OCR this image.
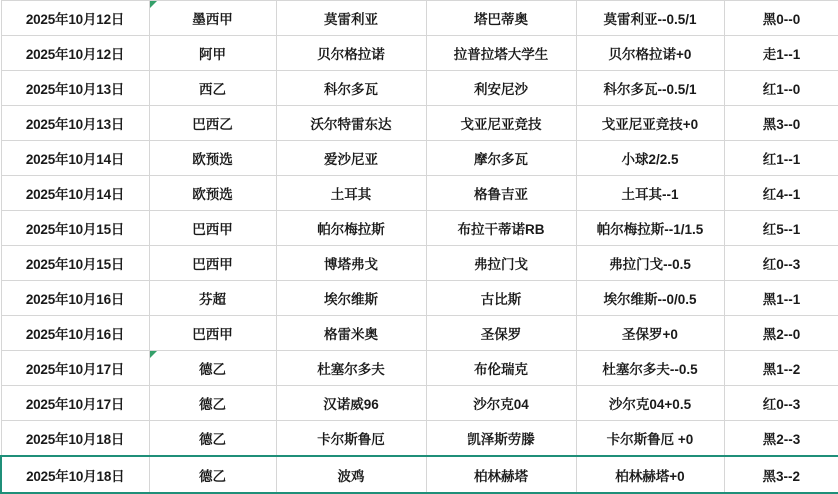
2025年10月12日	墨西甲	莫雷利亚	塔巴蒂奥	莫雷利亚--0.5/1	黑0--0
2025年10月12日	阿甲	贝尔格拉诺	拉普拉塔大学生	贝尔格拉诺+0	走1--1
2025年10月13日	西乙	科尔多瓦	利安尼沙	科尔多瓦--0.5/1	红1--0
2025年10月13日	巴西乙	沃尔特雷东达	戈亚尼亚竞技	戈亚尼亚竞技+0	黑3--0
2025年10月14日	欧预选	爱沙尼亚	摩尔多瓦	小球2/2.5	红1--1
2025年10月14日	欧预选	土耳其	格鲁吉亚	土耳其--1	红4--1
2025年10月15日	巴西甲	帕尔梅拉斯	布拉干蒂诺RB	帕尔梅拉斯--1/1.5	红5--1
2025年10月15日	巴西甲	博塔弗戈	弗拉门戈	弗拉门戈--0.5	红0--3
2025年10月16日	芬超	埃尔维斯	古比斯	埃尔维斯--0/0.5	黑1--1
2025年10月16日	巴西甲	格雷米奥	圣保罗	圣保罗+0	黑2--0
2025年10月17日	德乙	杜塞尔多夫	布伦瑞克	杜塞尔多夫--0.5	黑1--2
2025年10月17日	德乙	汉诺威96	沙尔克04	沙尔克04+0.5	红0--3
2025年10月18日	德乙	卡尔斯鲁厄	凯泽斯劳滕	卡尔斯鲁厄 +0	黑2--3
2025年10月18日	德乙	波鸡	柏林赫塔	柏林赫塔+0	黑3--2
